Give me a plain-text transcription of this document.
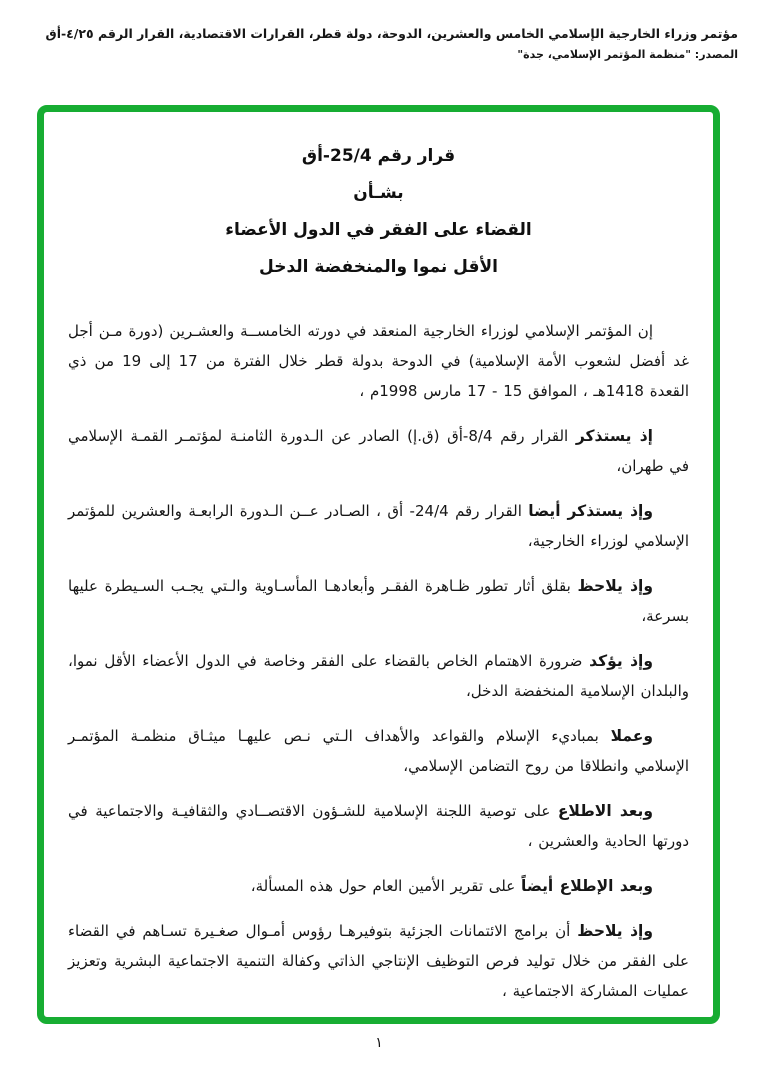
مؤتمر وزراء الخارجية الإسلامي الخامس والعشرين، الدوحة، دولة قطر، القرارات الاقتصادية، القرار الرقم ٤/٢٥-أق
المصدر: "منظمة المؤتمر الإسلامي، جدة"
قرار رقم 25/4-أق
بشـأن
القضاء على الفقر في الدول الأعضاء
الأقل نموا والمنخفضة الدخل

إن المؤتمر الإسلامي لوزراء الخارجية المنعقد في دورته الخامســة والعشـرين (دورة مـن أجل غد أفضل لشعوب الأمة الإسلامية) في الدوحة بدولة قطر خلال الفترة من 17 إلى 19 من ذي القعدة 1418هـ ، الموافق 15 - 17 مارس 1998م ،

إذ يستذكر القرار رقم 8/4-أق (ق.إ) الصادر عن الـدورة الثامنـة لمؤتمـر القمـة الإسلامي في طهران،

وإذ يستذكر أيضا القرار رقم 24/4- أق ، الصـادر عــن الـدورة الرابعـة والعشرين للمؤتمر الإسلامي لوزراء الخارجية،

وإذ يلاحظ بقلق أثار تطور ظـاهرة الفقـر وأبعادهـا المأسـاوية والـتي يجـب السـيطرة عليها بسرعة،

وإذ يؤكد ضرورة الاهتمام الخاص بالقضاء على الفقر وخاصة في الدول الأعضاء الأقل نموا، والبلدان الإسلامية المنخفضة الدخل،

وعملا بمباديء الإسلام والقواعد والأهداف الـتي نـص عليهـا ميثـاق منظمـة المؤتمـر الإسلامي وانطلاقا من روح التضامن الإسلامي،

وبعد الاطلاع على توصية اللجنة الإسلامية للشـؤون الاقتصــادي والثقافيـة والاجتماعية في دورتها الحادية والعشرين ،

وبعد الإطلاع أيضاً على تقرير الأمين العام حول هذه المسألة،

وإذ يلاحظ أن برامج الائتمانات الجزئية بتوفيرهـا رؤوس أمـوال صغـيرة تسـاهم في القضاء على الفقر من خلال توليد فرص التوظيف الإنتاجي الذاتي وكفالة التنمية الاجتماعية البشرية وتعزيز عمليات المشاركة الاجتماعية ،

١
